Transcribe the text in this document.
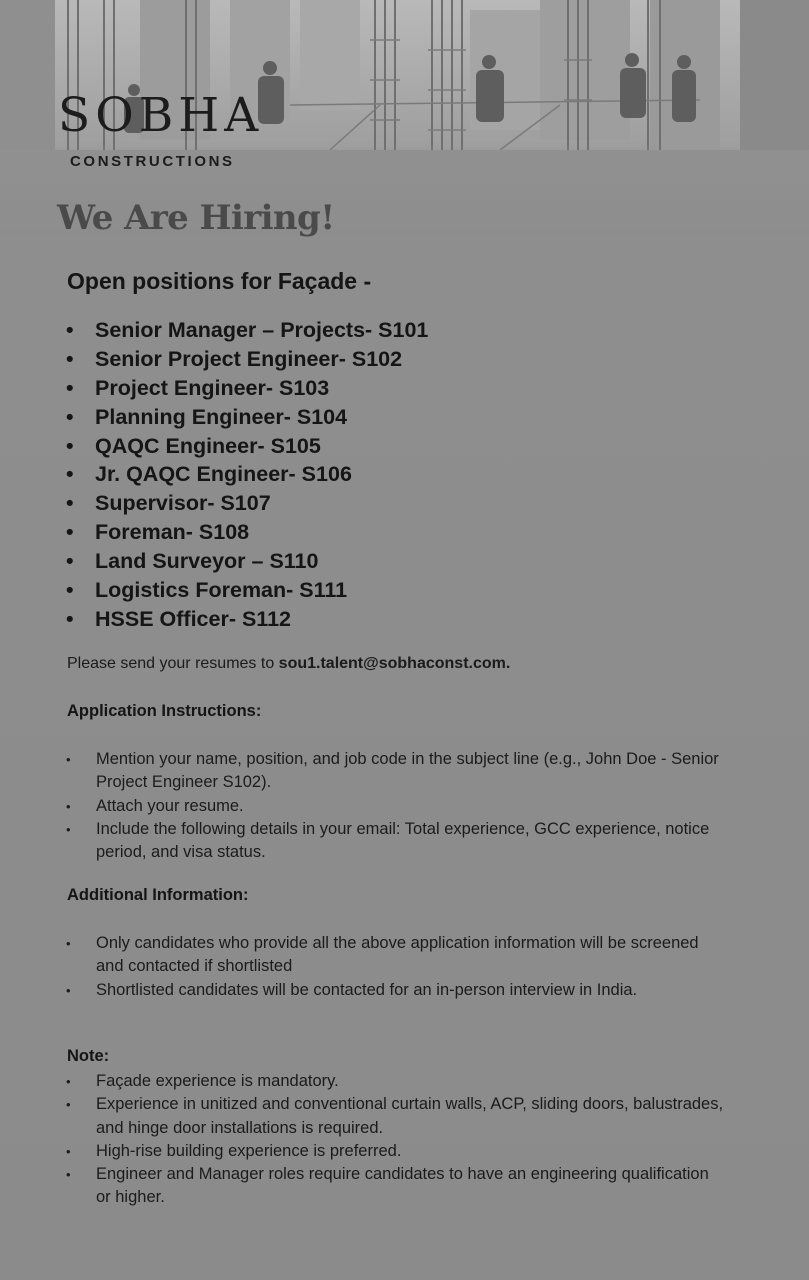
SOBHA
CONSTRUCTIONS
We Are Hiring!
Open positions for Façade -
• Senior Manager – Projects- S101
• Senior Project Engineer- S102
• Project Engineer- S103
• Planning Engineer- S104
• QAQC Engineer- S105
• Jr. QAQC Engineer- S106
• Supervisor- S107
• Foreman- S108
• Land Surveyor – S110
• Logistics Foreman- S111
• HSSE Officer- S112
Please send your resumes to sou1.talent@sobhaconst.com.
Application Instructions:
• Mention your name, position, and job code in the subject line (e.g., John Doe - Senior Project Engineer S102).
• Attach your resume.
• Include the following details in your email: Total experience, GCC experience, notice period, and visa status.
Additional Information:
• Only candidates who provide all the above application information will be screened and contacted if shortlisted
• Shortlisted candidates will be contacted for an in-person interview in India.
Note:
• Façade experience is mandatory.
• Experience in unitized and conventional curtain walls, ACP, sliding doors, balustrades, and hinge door installations is required.
• High-rise building experience is preferred.
• Engineer and Manager roles require candidates to have an engineering qualification or higher.
